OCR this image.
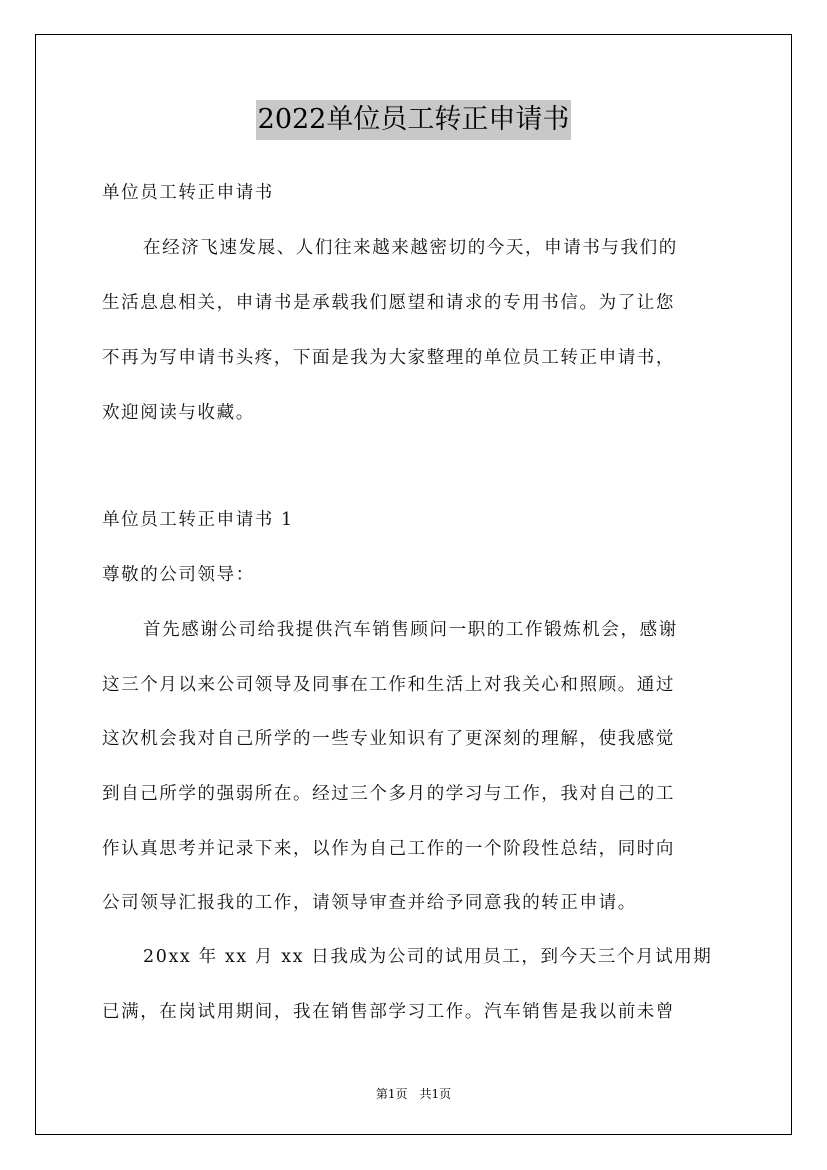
2022单位员工转正申请书
单位员工转正申请书
在经济飞速发展、人们往来越来越密切的今天，申请书与我们的
生活息息相关，申请书是承载我们愿望和请求的专用书信。为了让您
不再为写申请书头疼，下面是我为大家整理的单位员工转正申请书，
欢迎阅读与收藏。
单位员工转正申请书 1
尊敬的公司领导：
首先感谢公司给我提供汽车销售顾问一职的工作锻炼机会，感谢
这三个月以来公司领导及同事在工作和生活上对我关心和照顾。通过
这次机会我对自己所学的一些专业知识有了更深刻的理解，使我感觉
到自己所学的强弱所在。经过三个多月的学习与工作，我对自己的工
作认真思考并记录下来，以作为自己工作的一个阶段性总结，同时向
公司领导汇报我的工作，请领导审查并给予同意我的转正申请。
20xx 年 xx 月 xx 日我成为公司的试用员工，到今天三个月试用期
已满，在岗试用期间，我在销售部学习工作。汽车销售是我以前未曾
第1页　共1页
